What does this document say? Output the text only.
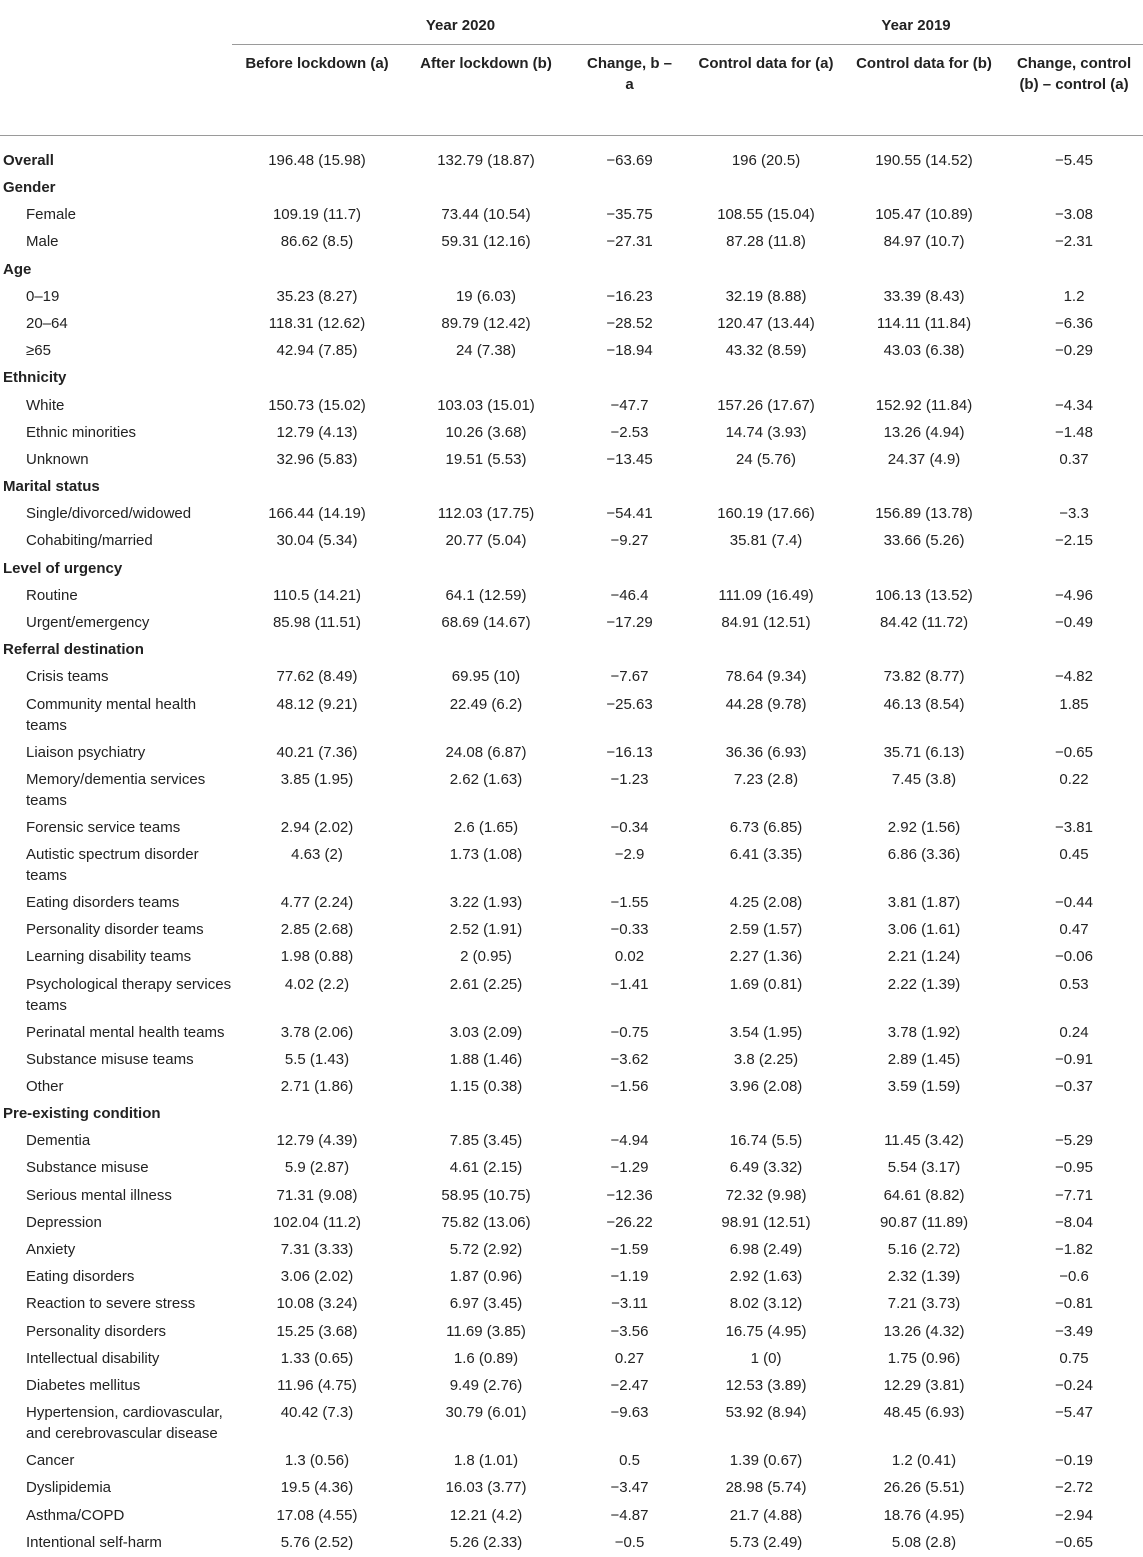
	Year 2020			Year 2019		
	Before lockdown (a)	After lockdown (b)	Change, b – a	Control data for (a)	Control data for (b)	Change, control (b) – control (a)
Overall	196.48 (15.98)	132.79 (18.87)	−63.69	196 (20.5)	190.55 (14.52)	−5.45
Gender						
Female	109.19 (11.7)	73.44 (10.54)	−35.75	108.55 (15.04)	105.47 (10.89)	−3.08
Male	86.62 (8.5)	59.31 (12.16)	−27.31	87.28 (11.8)	84.97 (10.7)	−2.31
Age						
0–19	35.23 (8.27)	19 (6.03)	−16.23	32.19 (8.88)	33.39 (8.43)	1.2
20–64	118.31 (12.62)	89.79 (12.42)	−28.52	120.47 (13.44)	114.11 (11.84)	−6.36
≥65	42.94 (7.85)	24 (7.38)	−18.94	43.32 (8.59)	43.03 (6.38)	−0.29
Ethnicity						
White	150.73 (15.02)	103.03 (15.01)	−47.7	157.26 (17.67)	152.92 (11.84)	−4.34
Ethnic minorities	12.79 (4.13)	10.26 (3.68)	−2.53	14.74 (3.93)	13.26 (4.94)	−1.48
Unknown	32.96 (5.83)	19.51 (5.53)	−13.45	24 (5.76)	24.37 (4.9)	0.37
Marital status						
Single/divorced/widowed	166.44 (14.19)	112.03 (17.75)	−54.41	160.19 (17.66)	156.89 (13.78)	−3.3
Cohabiting/married	30.04 (5.34)	20.77 (5.04)	−9.27	35.81 (7.4)	33.66 (5.26)	−2.15
Level of urgency						
Routine	110.5 (14.21)	64.1 (12.59)	−46.4	111.09 (16.49)	106.13 (13.52)	−4.96
Urgent/emergency	85.98 (11.51)	68.69 (14.67)	−17.29	84.91 (12.51)	84.42 (11.72)	−0.49
Referral destination						
Crisis teams	77.62 (8.49)	69.95 (10)	−7.67	78.64 (9.34)	73.82 (8.77)	−4.82
Community mental health teams	48.12 (9.21)	22.49 (6.2)	−25.63	44.28 (9.78)	46.13 (8.54)	1.85
Liaison psychiatry	40.21 (7.36)	24.08 (6.87)	−16.13	36.36 (6.93)	35.71 (6.13)	−0.65
Memory/dementia services teams	3.85 (1.95)	2.62 (1.63)	−1.23	7.23 (2.8)	7.45 (3.8)	0.22
Forensic service teams	2.94 (2.02)	2.6 (1.65)	−0.34	6.73 (6.85)	2.92 (1.56)	−3.81
Autistic spectrum disorder teams	4.63 (2)	1.73 (1.08)	−2.9	6.41 (3.35)	6.86 (3.36)	0.45
Eating disorders teams	4.77 (2.24)	3.22 (1.93)	−1.55	4.25 (2.08)	3.81 (1.87)	−0.44
Personality disorder teams	2.85 (2.68)	2.52 (1.91)	−0.33	2.59 (1.57)	3.06 (1.61)	0.47
Learning disability teams	1.98 (0.88)	2 (0.95)	0.02	2.27 (1.36)	2.21 (1.24)	−0.06
Psychological therapy services teams	4.02 (2.2)	2.61 (2.25)	−1.41	1.69 (0.81)	2.22 (1.39)	0.53
Perinatal mental health teams	3.78 (2.06)	3.03 (2.09)	−0.75	3.54 (1.95)	3.78 (1.92)	0.24
Substance misuse teams	5.5 (1.43)	1.88 (1.46)	−3.62	3.8 (2.25)	2.89 (1.45)	−0.91
Other	2.71 (1.86)	1.15 (0.38)	−1.56	3.96 (2.08)	3.59 (1.59)	−0.37
Pre-existing condition						
Dementia	12.79 (4.39)	7.85 (3.45)	−4.94	16.74 (5.5)	11.45 (3.42)	−5.29
Substance misuse	5.9 (2.87)	4.61 (2.15)	−1.29	6.49 (3.32)	5.54 (3.17)	−0.95
Serious mental illness	71.31 (9.08)	58.95 (10.75)	−12.36	72.32 (9.98)	64.61 (8.82)	−7.71
Depression	102.04 (11.2)	75.82 (13.06)	−26.22	98.91 (12.51)	90.87 (11.89)	−8.04
Anxiety	7.31 (3.33)	5.72 (2.92)	−1.59	6.98 (2.49)	5.16 (2.72)	−1.82
Eating disorders	3.06 (2.02)	1.87 (0.96)	−1.19	2.92 (1.63)	2.32 (1.39)	−0.6
Reaction to severe stress	10.08 (3.24)	6.97 (3.45)	−3.11	8.02 (3.12)	7.21 (3.73)	−0.81
Personality disorders	15.25 (3.68)	11.69 (3.85)	−3.56	16.75 (4.95)	13.26 (4.32)	−3.49
Intellectual disability	1.33 (0.65)	1.6 (0.89)	0.27	1 (0)	1.75 (0.96)	0.75
Diabetes mellitus	11.96 (4.75)	9.49 (2.76)	−2.47	12.53 (3.89)	12.29 (3.81)	−0.24
Hypertension, cardiovascular, and cerebrovascular disease	40.42 (7.3)	30.79 (6.01)	−9.63	53.92 (8.94)	48.45 (6.93)	−5.47
Cancer	1.3 (0.56)	1.8 (1.01)	0.5	1.39 (0.67)	1.2 (0.41)	−0.19
Dyslipidemia	19.5 (4.36)	16.03 (3.77)	−3.47	28.98 (5.74)	26.26 (5.51)	−2.72
Asthma/COPD	17.08 (4.55)	12.21 (4.2)	−4.87	21.7 (4.88)	18.76 (4.95)	−2.94
Intentional self-harm	5.76 (2.52)	5.26 (2.33)	−0.5	5.73 (2.49)	5.08 (2.8)	−0.65
